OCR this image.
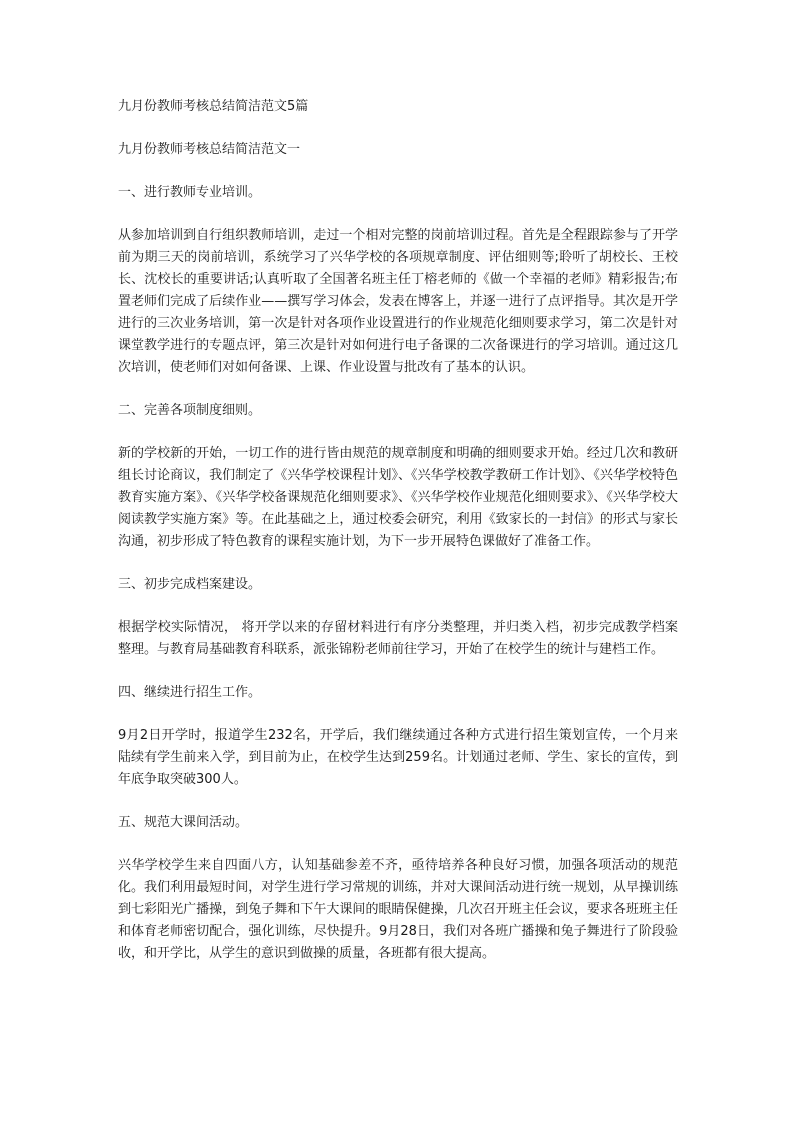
九月份教师考核总结简洁范文5篇

九月份教师考核总结简洁范文一

一、进行教师专业培训。

从参加培训到自行组织教师培训，走过一个相对完整的岗前培训过程。首先是全程跟踪参与了开学前为期三天的岗前培训，系统学习了兴华学校的各项规章制度、评估细则等;聆听了胡校长、王校长、沈校长的重要讲话;认真听取了全国著名班主任丁榕老师的《做一个幸福的老师》精彩报告;布置老师们完成了后续作业——撰写学习体会，发表在博客上，并逐一进行了点评指导。其次是开学进行的三次业务培训，第一次是针对各项作业设置进行的作业规范化细则要求学习，第二次是针对课堂教学进行的专题点评，第三次是针对如何进行电子备课的二次备课进行的学习培训。通过这几次培训，使老师们对如何备课、上课、作业设置与批改有了基本的认识。

二、完善各项制度细则。

新的学校新的开始，一切工作的进行皆由规范的规章制度和明确的细则要求开始。经过几次和教研组长讨论商议，我们制定了《兴华学校课程计划》、《兴华学校教学教研工作计划》、《兴华学校特色教育实施方案》、《兴华学校备课规范化细则要求》、《兴华学校作业规范化细则要求》、《兴华学校大阅读教学实施方案》等。在此基础之上，通过校委会研究，利用《致家长的一封信》的形式与家长沟通，初步形成了特色教育的课程实施计划，为下一步开展特色课做好了准备工作。

三、初步完成档案建设。

根据学校实际情况， 将开学以来的存留材料进行有序分类整理，并归类入档，初步完成教学档案整理。与教育局基础教育科联系，派张锦粉老师前往学习，开始了在校学生的统计与建档工作。

四、继续进行招生工作。

9月2日开学时，报道学生232名，开学后，我们继续通过各种方式进行招生策划宣传，一个月来陆续有学生前来入学，到目前为止，在校学生达到259名。计划通过老师、学生、家长的宣传，到年底争取突破300人。

五、规范大课间活动。

兴华学校学生来自四面八方，认知基础参差不齐，亟待培养各种良好习惯，加强各项活动的规范化。我们利用最短时间，对学生进行学习常规的训练，并对大课间活动进行统一规划，从早操训练到七彩阳光广播操，到兔子舞和下午大课间的眼睛保健操，几次召开班主任会议，要求各班班主任和体育老师密切配合，强化训练，尽快提升。9月28日，我们对各班广播操和兔子舞进行了阶段验收，和开学比，从学生的意识到做操的质量，各班都有很大提高。
